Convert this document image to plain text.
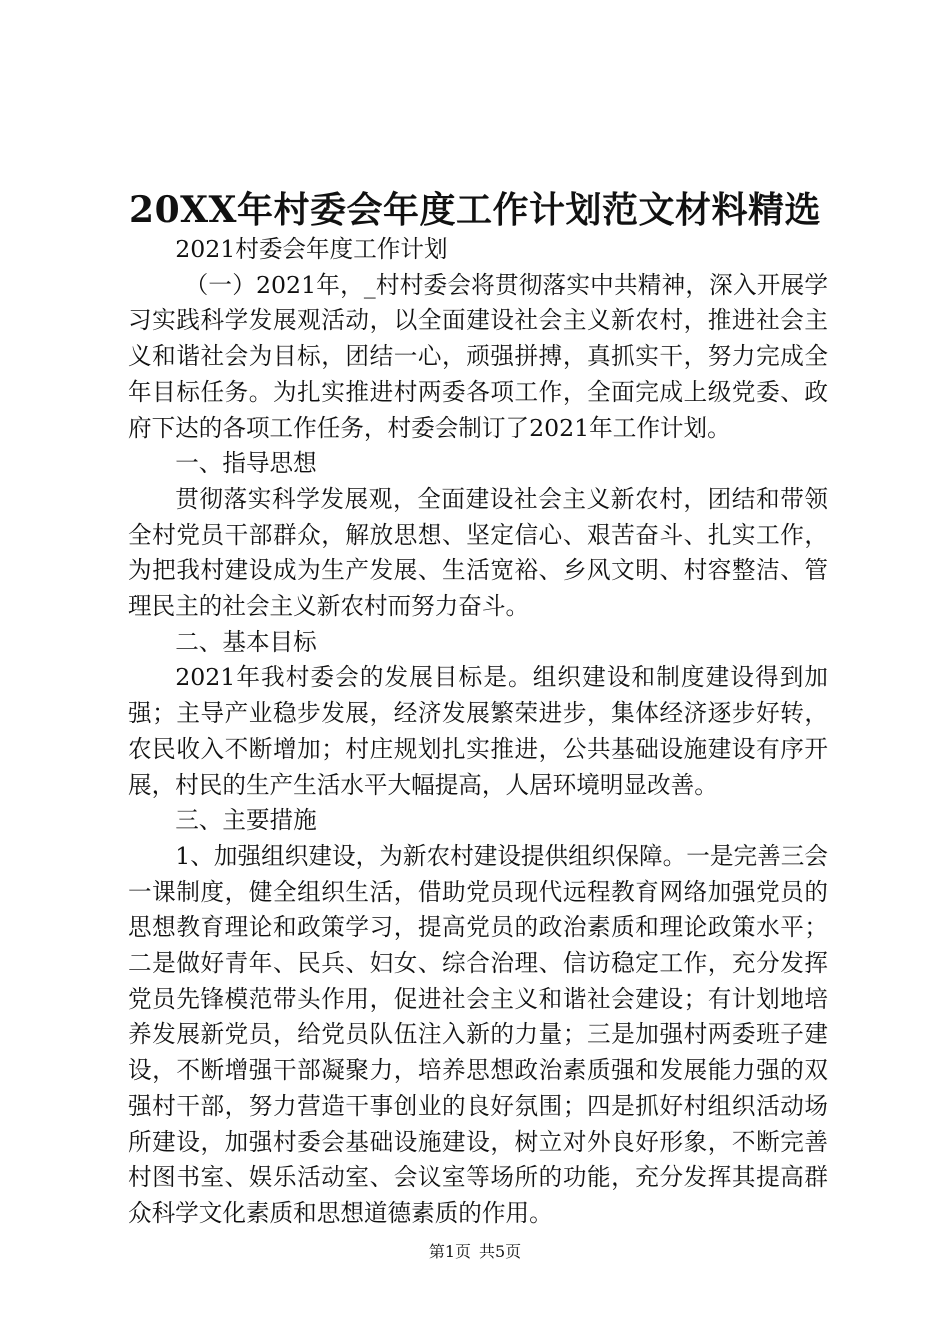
20XX年村委会年度工作计划范文材料精选

2021村委会年度工作计划

（一）2021年，_村村委会将贯彻落实中共精神，深入开展学习实践科学发展观活动，以全面建设社会主义新农村，推进社会主义和谐社会为目标，团结一心，顽强拼搏，真抓实干，努力完成全年目标任务。为扎实推进村两委各项工作，全面完成上级党委、政府下达的各项工作任务，村委会制订了2021年工作计划。

一、指导思想

贯彻落实科学发展观，全面建设社会主义新农村，团结和带领全村党员干部群众，解放思想、坚定信心、艰苦奋斗、扎实工作，为把我村建设成为生产发展、生活宽裕、乡风文明、村容整洁、管理民主的社会主义新农村而努力奋斗。

二、基本目标

2021年我村委会的发展目标是。组织建设和制度建设得到加强；主导产业稳步发展，经济发展繁荣进步，集体经济逐步好转，农民收入不断增加；村庄规划扎实推进，公共基础设施建设有序开展，村民的生产生活水平大幅提高，人居环境明显改善。

三、主要措施

1、加强组织建设，为新农村建设提供组织保障。一是完善三会一课制度，健全组织生活，借助党员现代远程教育网络加强党员的思想教育理论和政策学习，提高党员的政治素质和理论政策水平；二是做好青年、民兵、妇女、综合治理、信访稳定工作，充分发挥党员先锋模范带头作用，促进社会主义和谐社会建设；有计划地培养发展新党员，给党员队伍注入新的力量；三是加强村两委班子建设，不断增强干部凝聚力，培养思想政治素质强和发展能力强的双强村干部，努力营造干事创业的良好氛围；四是抓好村组织活动场所建设，加强村委会基础设施建设，树立对外良好形象，不断完善村图书室、娱乐活动室、会议室等场所的功能，充分发挥其提高群众科学文化素质和思想道德素质的作用。

第1页 共5页
